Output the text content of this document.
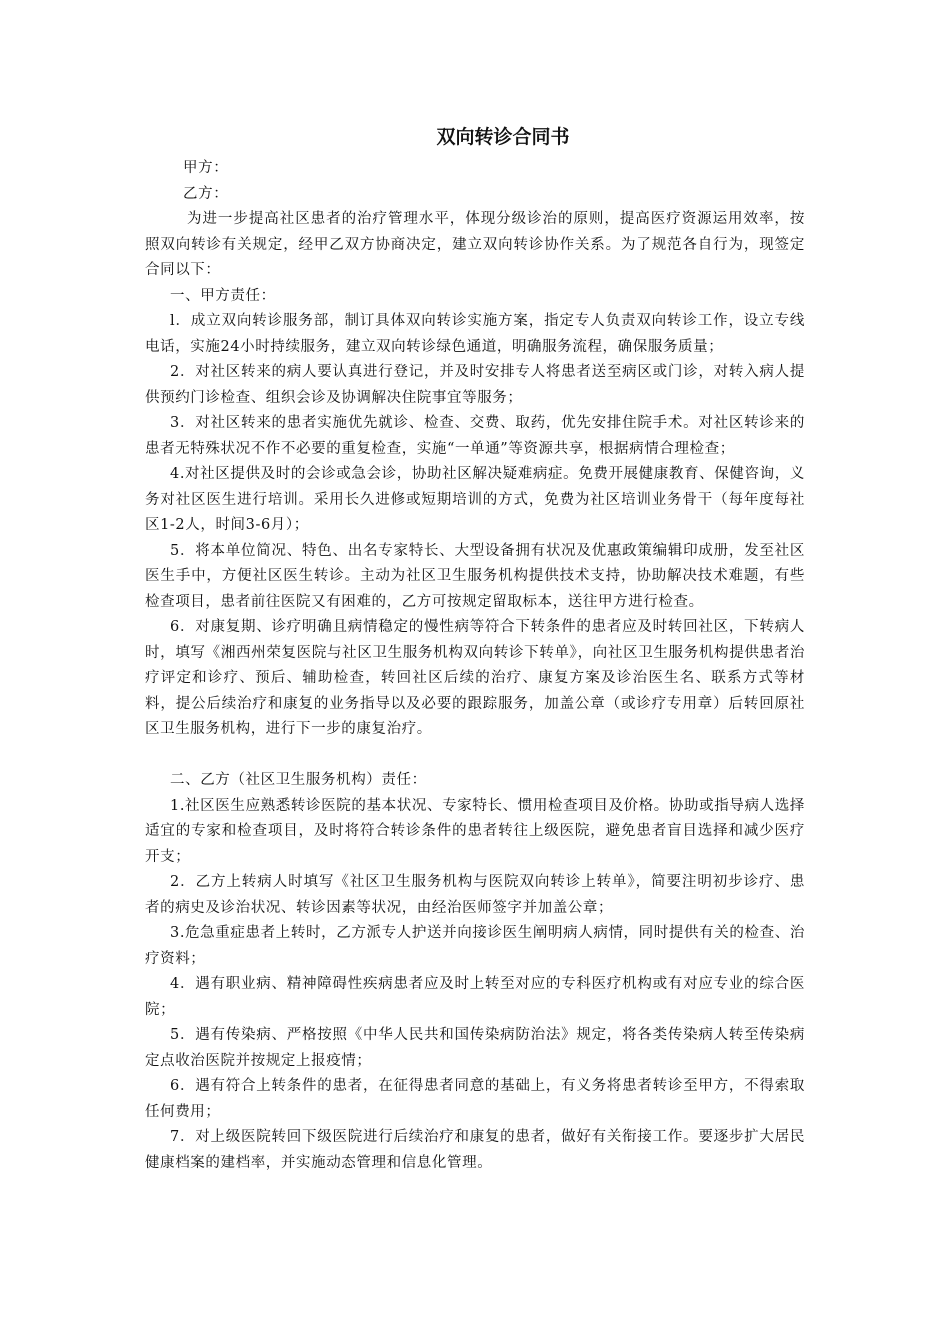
双向转诊合同书

甲方：

乙方：

为进一步提高社区患者的治疗管理水平，体现分级诊治的原则，提高医疗资源运用效率，按照双向转诊有关规定，经甲乙双方协商决定，建立双向转诊协作关系。为了规范各自行为，现签定合同以下：

一、甲方责任：

l．成立双向转诊服务部，制订具体双向转诊实施方案，指定专人负责双向转诊工作，设立专线电话，实施24小时持续服务，建立双向转诊绿色通道，明确服务流程，确保服务质量；

2．对社区转来的病人要认真进行登记，并及时安排专人将患者送至病区或门诊，对转入病人提供预约门诊检查、组织会诊及协调解决住院事宜等服务；

3．对社区转来的患者实施优先就诊、检查、交费、取药，优先安排住院手术。对社区转诊来的患者无特殊状况不作不必要的重复检查，实施“一单通”等资源共享，根据病情合理检查；

4.对社区提供及时的会诊或急会诊，协助社区解决疑难病症。免费开展健康教育、保健咨询，义务对社区医生进行培训。采用长久进修或短期培训的方式，免费为社区培训业务骨干（每年度每社区1-2人，时间3-6月）；

5．将本单位简况、特色、出名专家特长、大型设备拥有状况及优惠政策编辑印成册，发至社区医生手中，方便社区医生转诊。主动为社区卫生服务机构提供技术支持，协助解决技术难题，有些检查项目，患者前往医院又有困难的，乙方可按规定留取标本，送往甲方进行检查。

6．对康复期、诊疗明确且病情稳定的慢性病等符合下转条件的患者应及时转回社区，下转病人时，填写《湘西州荣复医院与社区卫生服务机构双向转诊下转单》，向社区卫生服务机构提供患者治疗评定和诊疗、预后、辅助检查，转回社区后续的治疗、康复方案及诊治医生名、联系方式等材料，提公后续治疗和康复的业务指导以及必要的跟踪服务，加盖公章（或诊疗专用章）后转回原社区卫生服务机构，进行下一步的康复治疗。

二、乙方（社区卫生服务机构）责任：

1.社区医生应熟悉转诊医院的基本状况、专家特长、惯用检查项目及价格。协助或指导病人选择适宜的专家和检查项目，及时将符合转诊条件的患者转往上级医院，避免患者盲目选择和减少医疗开支；

2．乙方上转病人时填写《社区卫生服务机构与医院双向转诊上转单》，简要注明初步诊疗、患者的病史及诊治状况、转诊因素等状况，由经治医师签字并加盖公章；

3.危急重症患者上转时，乙方派专人护送并向接诊医生阐明病人病情，同时提供有关的检查、治疗资料；

4．遇有职业病、精神障碍性疾病患者应及时上转至对应的专科医疗机构或有对应专业的综合医院；

5．遇有传染病、严格按照《中华人民共和国传染病防治法》规定，将各类传染病人转至传染病定点收治医院并按规定上报疫情；

6．遇有符合上转条件的患者，在征得患者同意的基础上，有义务将患者转诊至甲方，不得索取任何费用；

7．对上级医院转回下级医院进行后续治疗和康复的患者，做好有关衔接工作。要逐步扩大居民健康档案的建档率，并实施动态管理和信息化管理。
